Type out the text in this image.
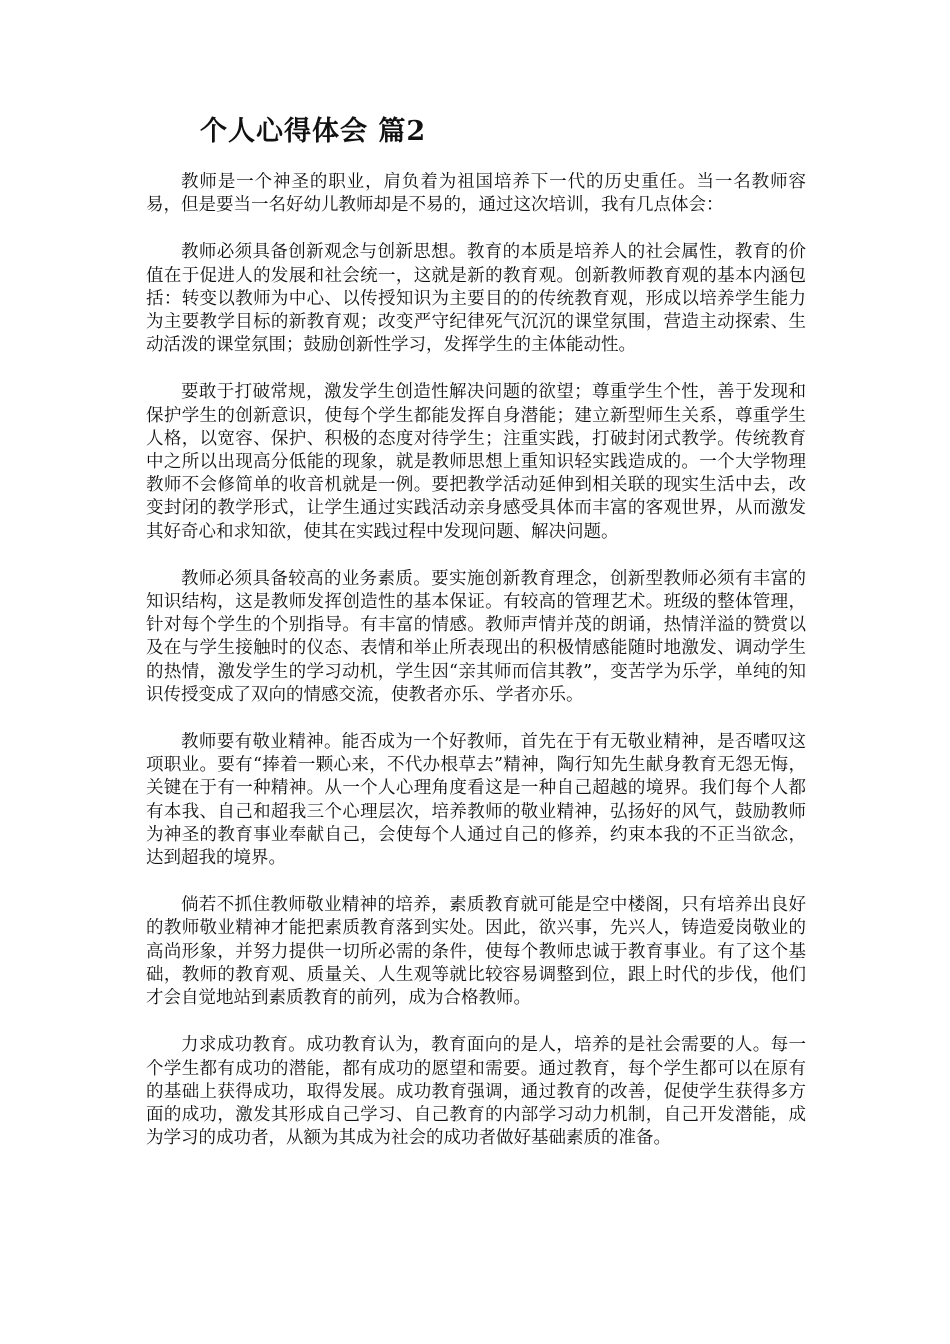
个人心得体会 篇2

教师是一个神圣的职业，肩负着为祖国培养下一代的历史重任。当一名教师容易，但是要当一名好幼儿教师却是不易的，通过这次培训，我有几点体会：

教师必须具备创新观念与创新思想。教育的本质是培养人的社会属性，教育的价值在于促进人的发展和社会统一，这就是新的教育观。创新教师教育观的基本内涵包括：转变以教师为中心、以传授知识为主要目的的传统教育观，形成以培养学生能力为主要教学目标的新教育观；改变严守纪律死气沉沉的课堂氛围，营造主动探索、生动活泼的课堂氛围；鼓励创新性学习，发挥学生的主体能动性。

要敢于打破常规，激发学生创造性解决问题的欲望；尊重学生个性，善于发现和保护学生的创新意识，使每个学生都能发挥自身潜能；建立新型师生关系，尊重学生人格，以宽容、保护、积极的态度对待学生；注重实践，打破封闭式教学。传统教育中之所以出现高分低能的现象，就是教师思想上重知识轻实践造成的。一个大学物理教师不会修简单的收音机就是一例。要把教学活动延伸到相关联的现实生活中去，改变封闭的教学形式，让学生通过实践活动亲身感受具体而丰富的客观世界，从而激发其好奇心和求知欲，使其在实践过程中发现问题、解决问题。

教师必须具备较高的业务素质。要实施创新教育理念，创新型教师必须有丰富的知识结构，这是教师发挥创造性的基本保证。有较高的管理艺术。班级的整体管理，针对每个学生的个别指导。有丰富的情感。教师声情并茂的朗诵，热情洋溢的赞赏以及在与学生接触时的仪态、表情和举止所表现出的积极情感能随时地激发、调动学生的热情，激发学生的学习动机，学生因“亲其师而信其教”，变苦学为乐学，单纯的知识传授变成了双向的情感交流，使教者亦乐、学者亦乐。

教师要有敬业精神。能否成为一个好教师，首先在于有无敬业精神，是否嗜叹这项职业。要有“捧着一颗心来，不代办根草去”精神，陶行知先生献身教育无怨无悔，关键在于有一种精神。从一个人心理角度看这是一种自己超越的境界。我们每个人都有本我、自己和超我三个心理层次，培养教师的敬业精神，弘扬好的风气，鼓励教师为神圣的教育事业奉献自己，会使每个人通过自己的修养，约束本我的不正当欲念，达到超我的境界。

倘若不抓住教师敬业精神的培养，素质教育就可能是空中楼阁，只有培养出良好的教师敬业精神才能把素质教育落到实处。因此，欲兴事，先兴人，铸造爱岗敬业的高尚形象，并努力提供一切所必需的条件，使每个教师忠诚于教育事业。有了这个基础，教师的教育观、质量关、人生观等就比较容易调整到位，跟上时代的步伐，他们才会自觉地站到素质教育的前列，成为合格教师。

力求成功教育。成功教育认为，教育面向的是人，培养的是社会需要的人。每一个学生都有成功的潜能，都有成功的愿望和需要。通过教育，每个学生都可以在原有的基础上获得成功，取得发展。成功教育强调，通过教育的改善，促使学生获得多方面的成功，激发其形成自己学习、自己教育的内部学习动力机制，自己开发潜能，成为学习的成功者，从额为其成为社会的成功者做好基础素质的准备。
